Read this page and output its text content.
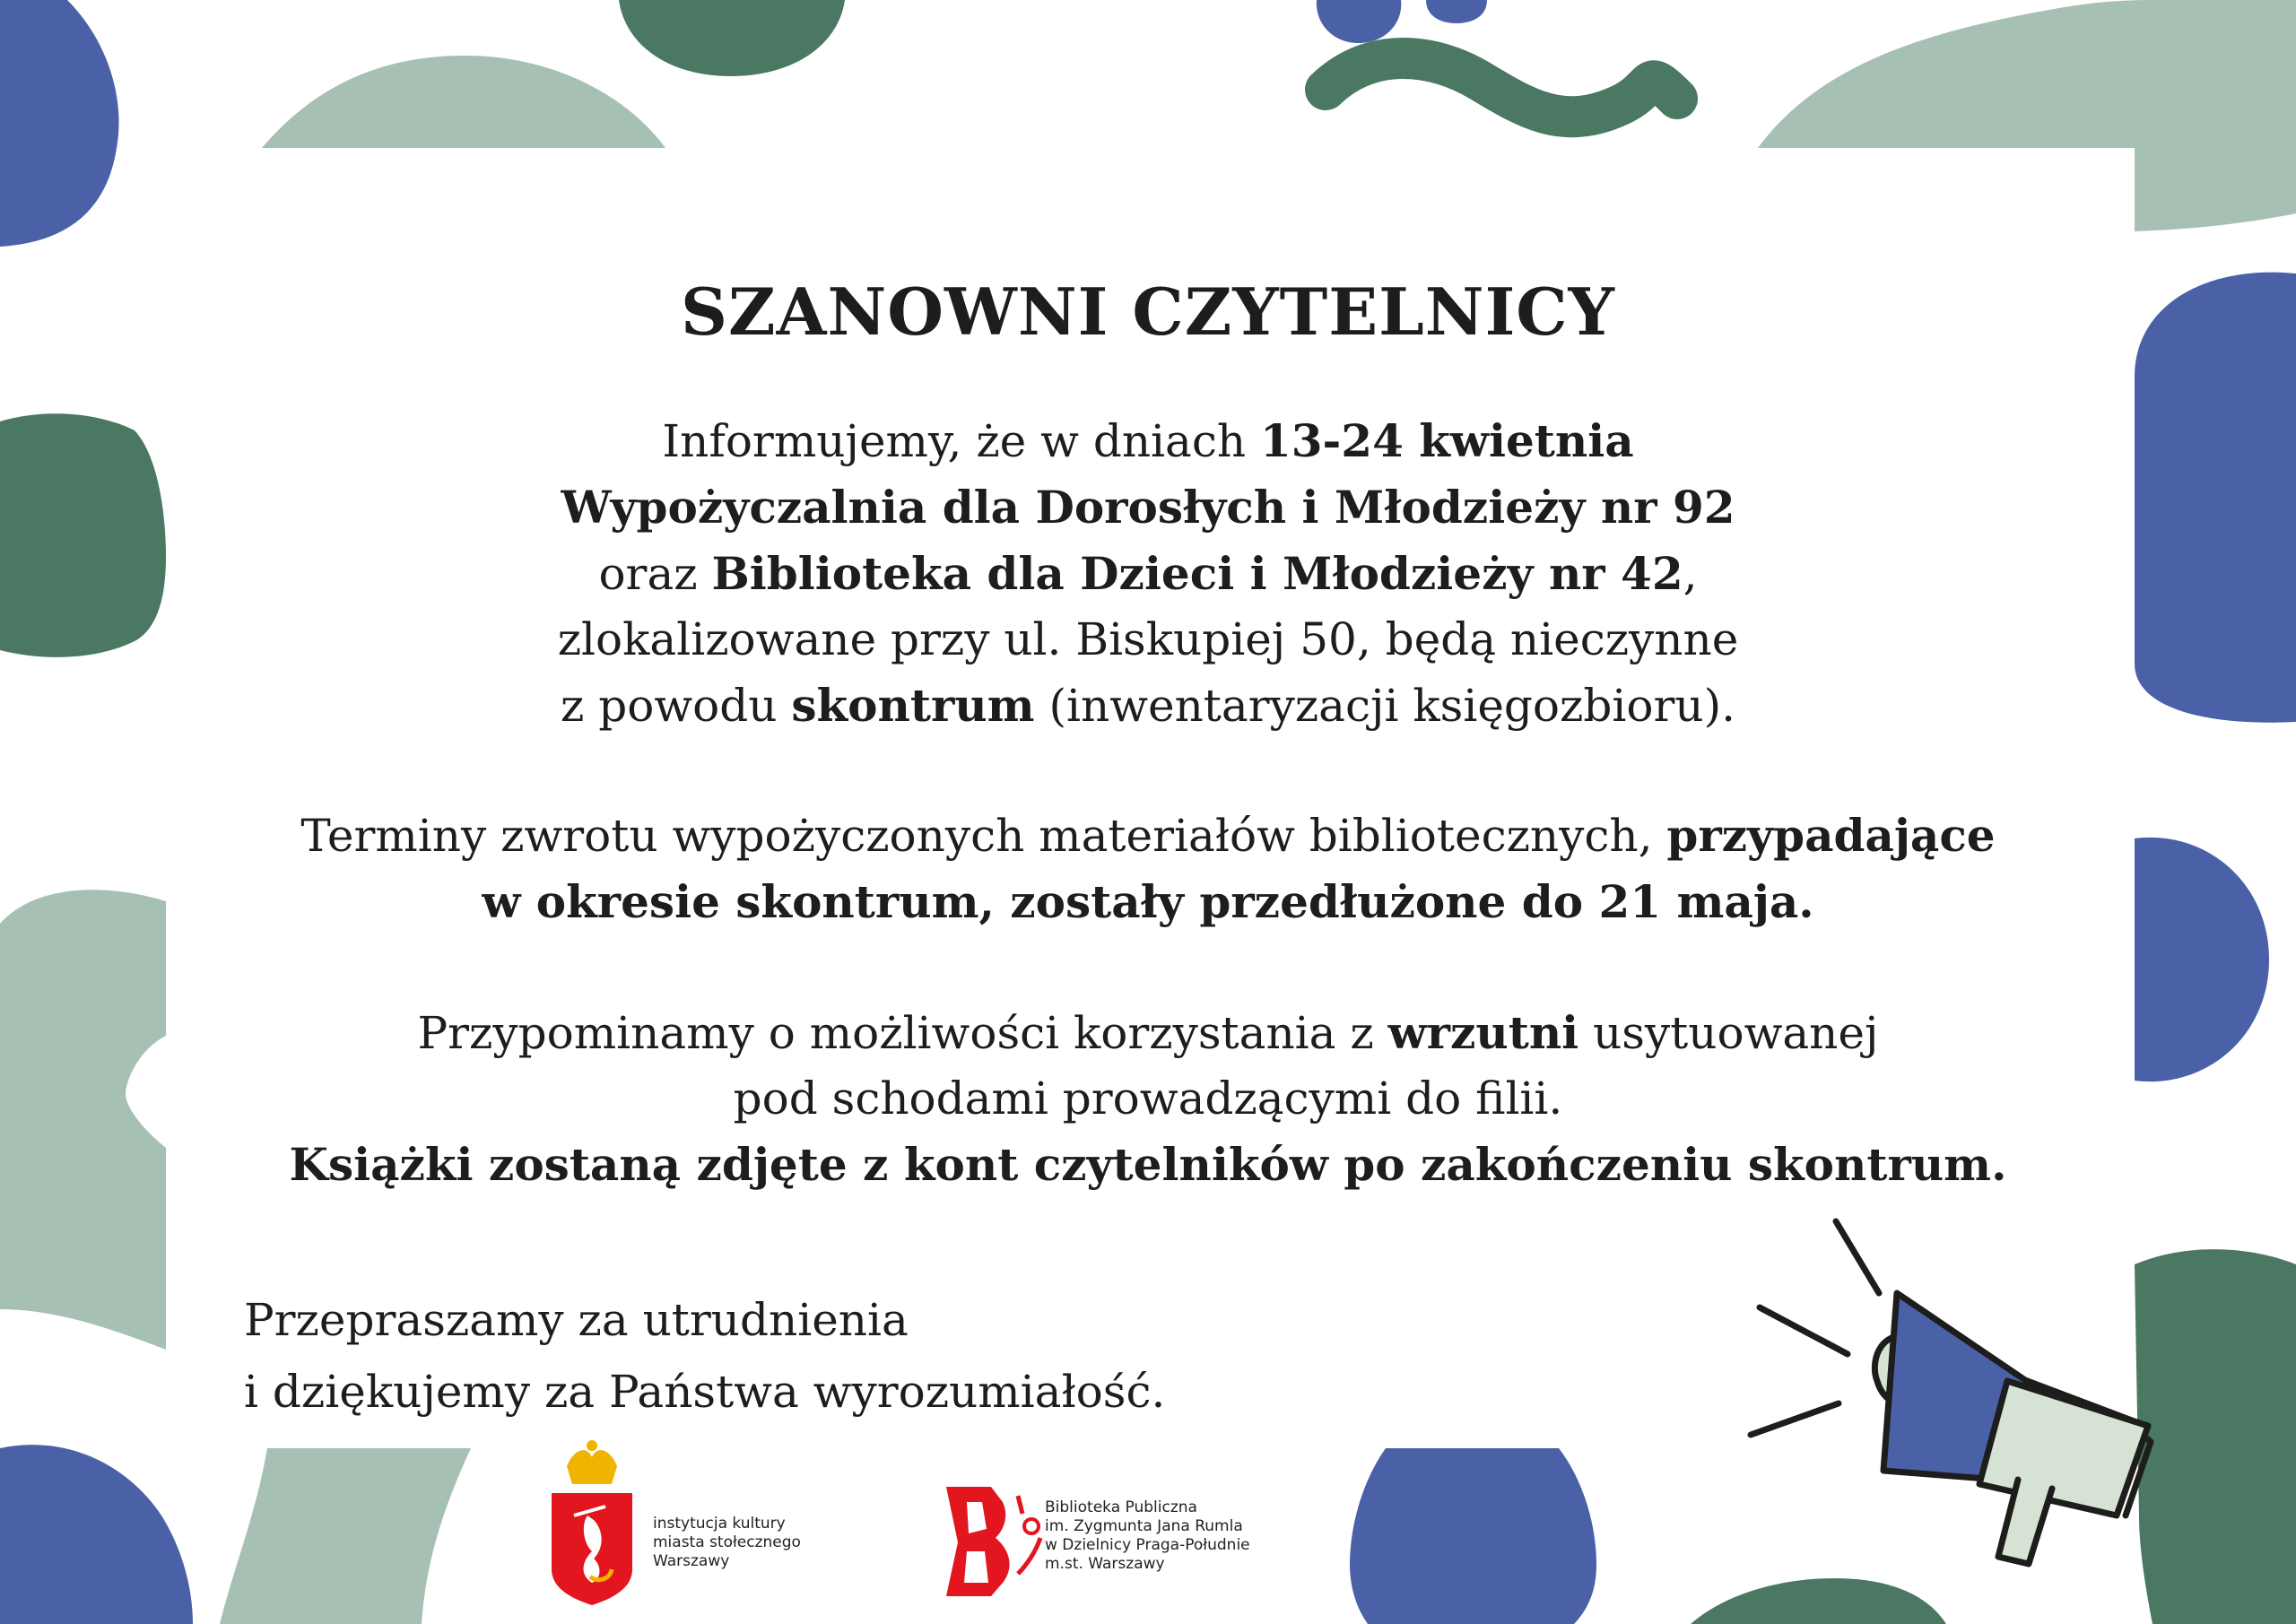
SZANOWNI CZYTELNICY
Informujemy, że w dniach 13-24 kwietnia
Wypożyczalnia dla Dorosłych i Młodzieży nr 92
oraz Biblioteka dla Dzieci i Młodzieży nr 42,
zlokalizowane przy ul. Biskupiej 50, będą nieczynne
z powodu skontrum (inwentaryzacji księgozbioru).
Terminy zwrotu wypożyczonych materiałów bibliotecznych, przypadające
w okresie skontrum, zostały przedłużone do 21 maja.
Przypominamy o możliwości korzystania z wrzutni usytuowanej
pod schodami prowadzącymi do filii.
Książki zostaną zdjęte z kont czytelników po zakończeniu skontrum.
Przepraszamy za utrudnienia
i dziękujemy za Państwa wyrozumiałość.
instytucja kultury
miasta stołecznego
Warszawy
Biblioteka Publiczna
im. Zygmunta Jana Rumla
w Dzielnicy Praga-Południe
m.st. Warszawy
